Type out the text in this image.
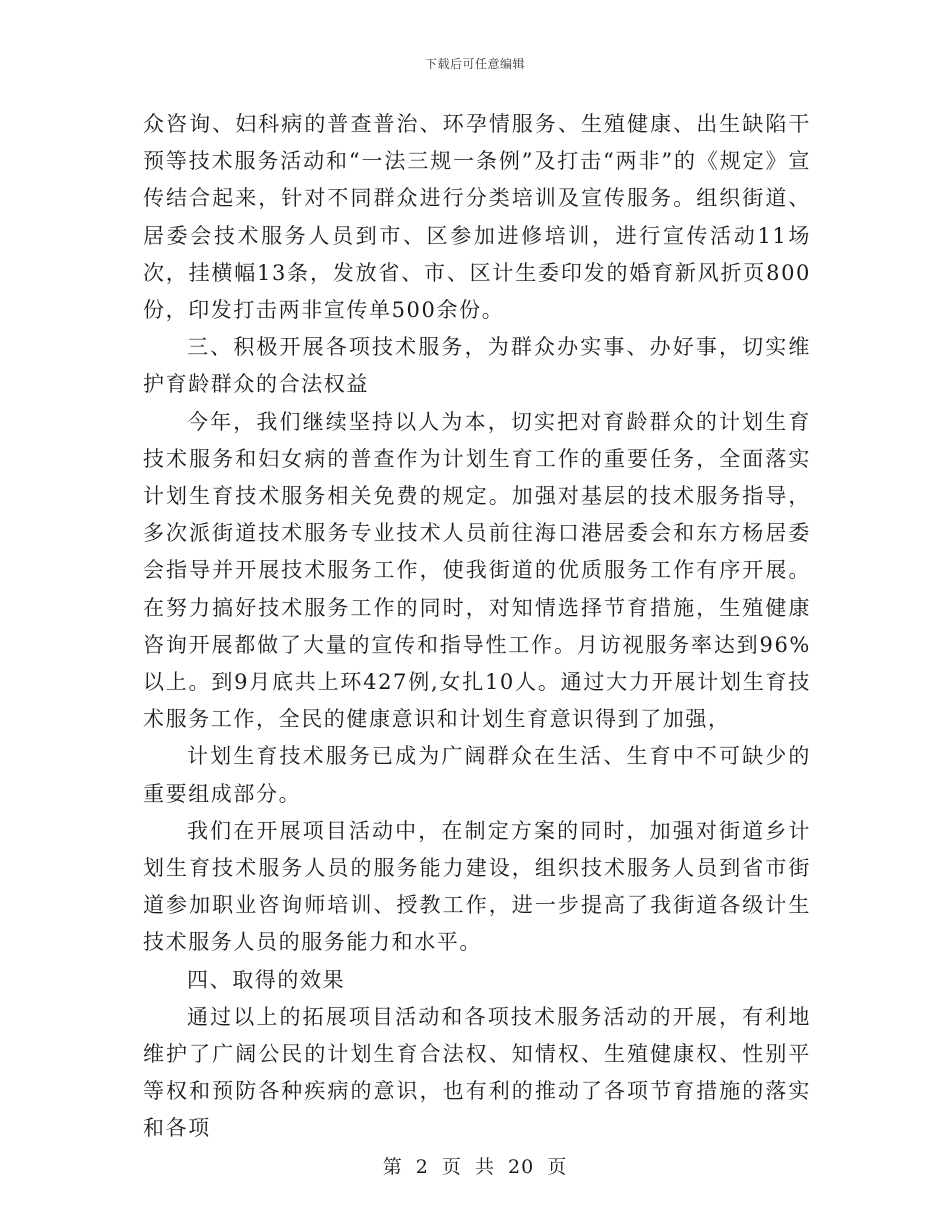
下载后可任意编辑

众咨询、妇科病的普查普治、环孕情服务、生殖健康、出生缺陷干预等技术服务活动和“一法三规一条例”及打击“两非”的《规定》宣传结合起来，针对不同群众进行分类培训及宣传服务。组织街道、居委会技术服务人员到市、区参加进修培训，进行宣传活动11场次，挂横幅13条，发放省、市、区计生委印发的婚育新风折页800份，印发打击两非宣传单500余份。

三、积极开展各项技术服务，为群众办实事、办好事，切实维护育龄群众的合法权益

今年，我们继续坚持以人为本，切实把对育龄群众的计划生育技术服务和妇女病的普查作为计划生育工作的重要任务，全面落实计划生育技术服务相关免费的规定。加强对基层的技术服务指导，多次派街道技术服务专业技术人员前往海口港居委会和东方杨居委会指导并开展技术服务工作，使我街道的优质服务工作有序开展。在努力搞好技术服务工作的同时，对知情选择节育措施，生殖健康咨询开展都做了大量的宣传和指导性工作。月访视服务率达到96%以上。到9月底共上环427例,女扎10人。通过大力开展计划生育技术服务工作，全民的健康意识和计划生育意识得到了加强，

计划生育技术服务已成为广阔群众在生活、生育中不可缺少的重要组成部分。

我们在开展项目活动中，在制定方案的同时，加强对街道乡计划生育技术服务人员的服务能力建设，组织技术服务人员到省市街道参加职业咨询师培训、授教工作，进一步提高了我街道各级计生技术服务人员的服务能力和水平。

四、取得的效果

通过以上的拓展项目活动和各项技术服务活动的开展，有利地维护了广阔公民的计划生育合法权、知情权、生殖健康权、性别平等权和预防各种疾病的意识，也有利的推动了各项节育措施的落实和各项

第 2 页 共 20 页
